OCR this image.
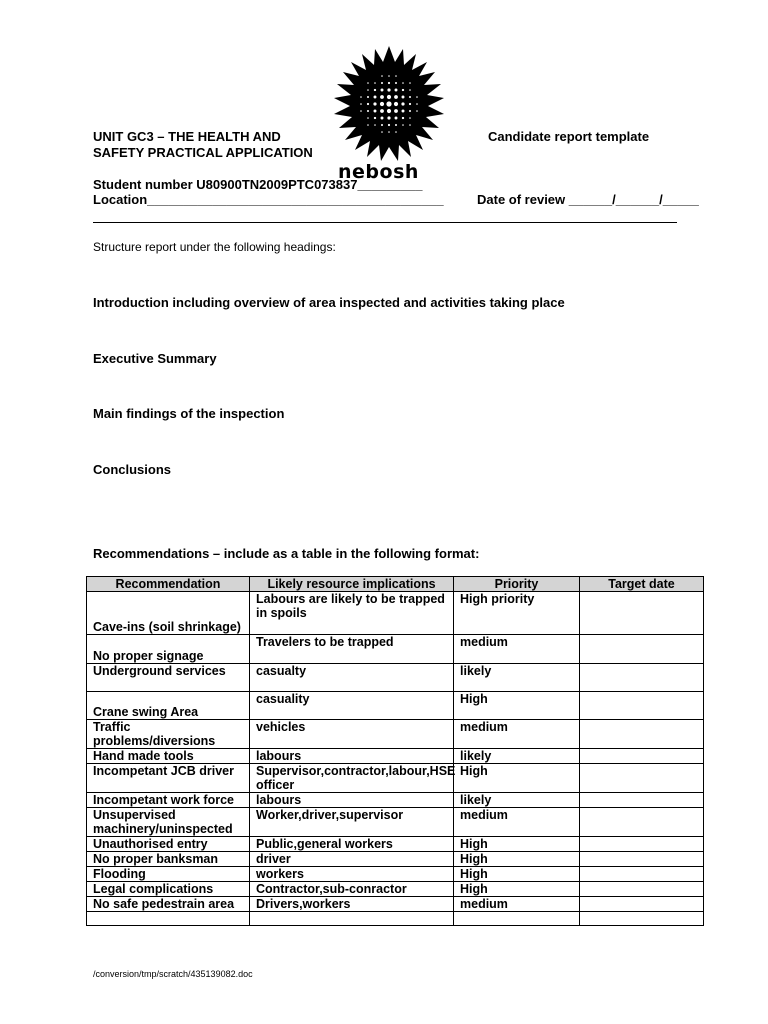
nebosh
UNIT GC3 – THE HEALTH AND
SAFETY PRACTICAL APPLICATION
Candidate report template
Student number U80900TN2009PTC073837_________
Location_________________________________________	Date of review ______/______/_____
Structure report under the following headings:
Introduction including overview of area inspected and activities taking place
Executive Summary
Main findings of the inspection
Conclusions
Recommendations – include as a table in the following format:
Recommendation	Likely resource implications	Priority	Target date
Cave-ins (soil shrinkage)	Labours are likely to be trapped in spoils	High priority	
No proper signage	Travelers to be trapped	medium	
Underground services	casualty	likely	
Crane swing Area	casuality	High	
Traffic problems/diversions	vehicles	medium	
Hand made tools	labours	likely	
Incompetant JCB driver	Supervisor,contractor,labour,HSE officer	High	
Incompetant work force	labours	likely	
Unsupervised machinery/uninspected	Worker,driver,supervisor	medium	
Unauthorised entry	Public,general workers	High	
No proper banksman	driver	High	
Flooding	workers	High	
Legal complications	Contractor,sub-conractor	High	
No safe pedestrain area	Drivers,workers	medium	

/conversion/tmp/scratch/435139082.doc
